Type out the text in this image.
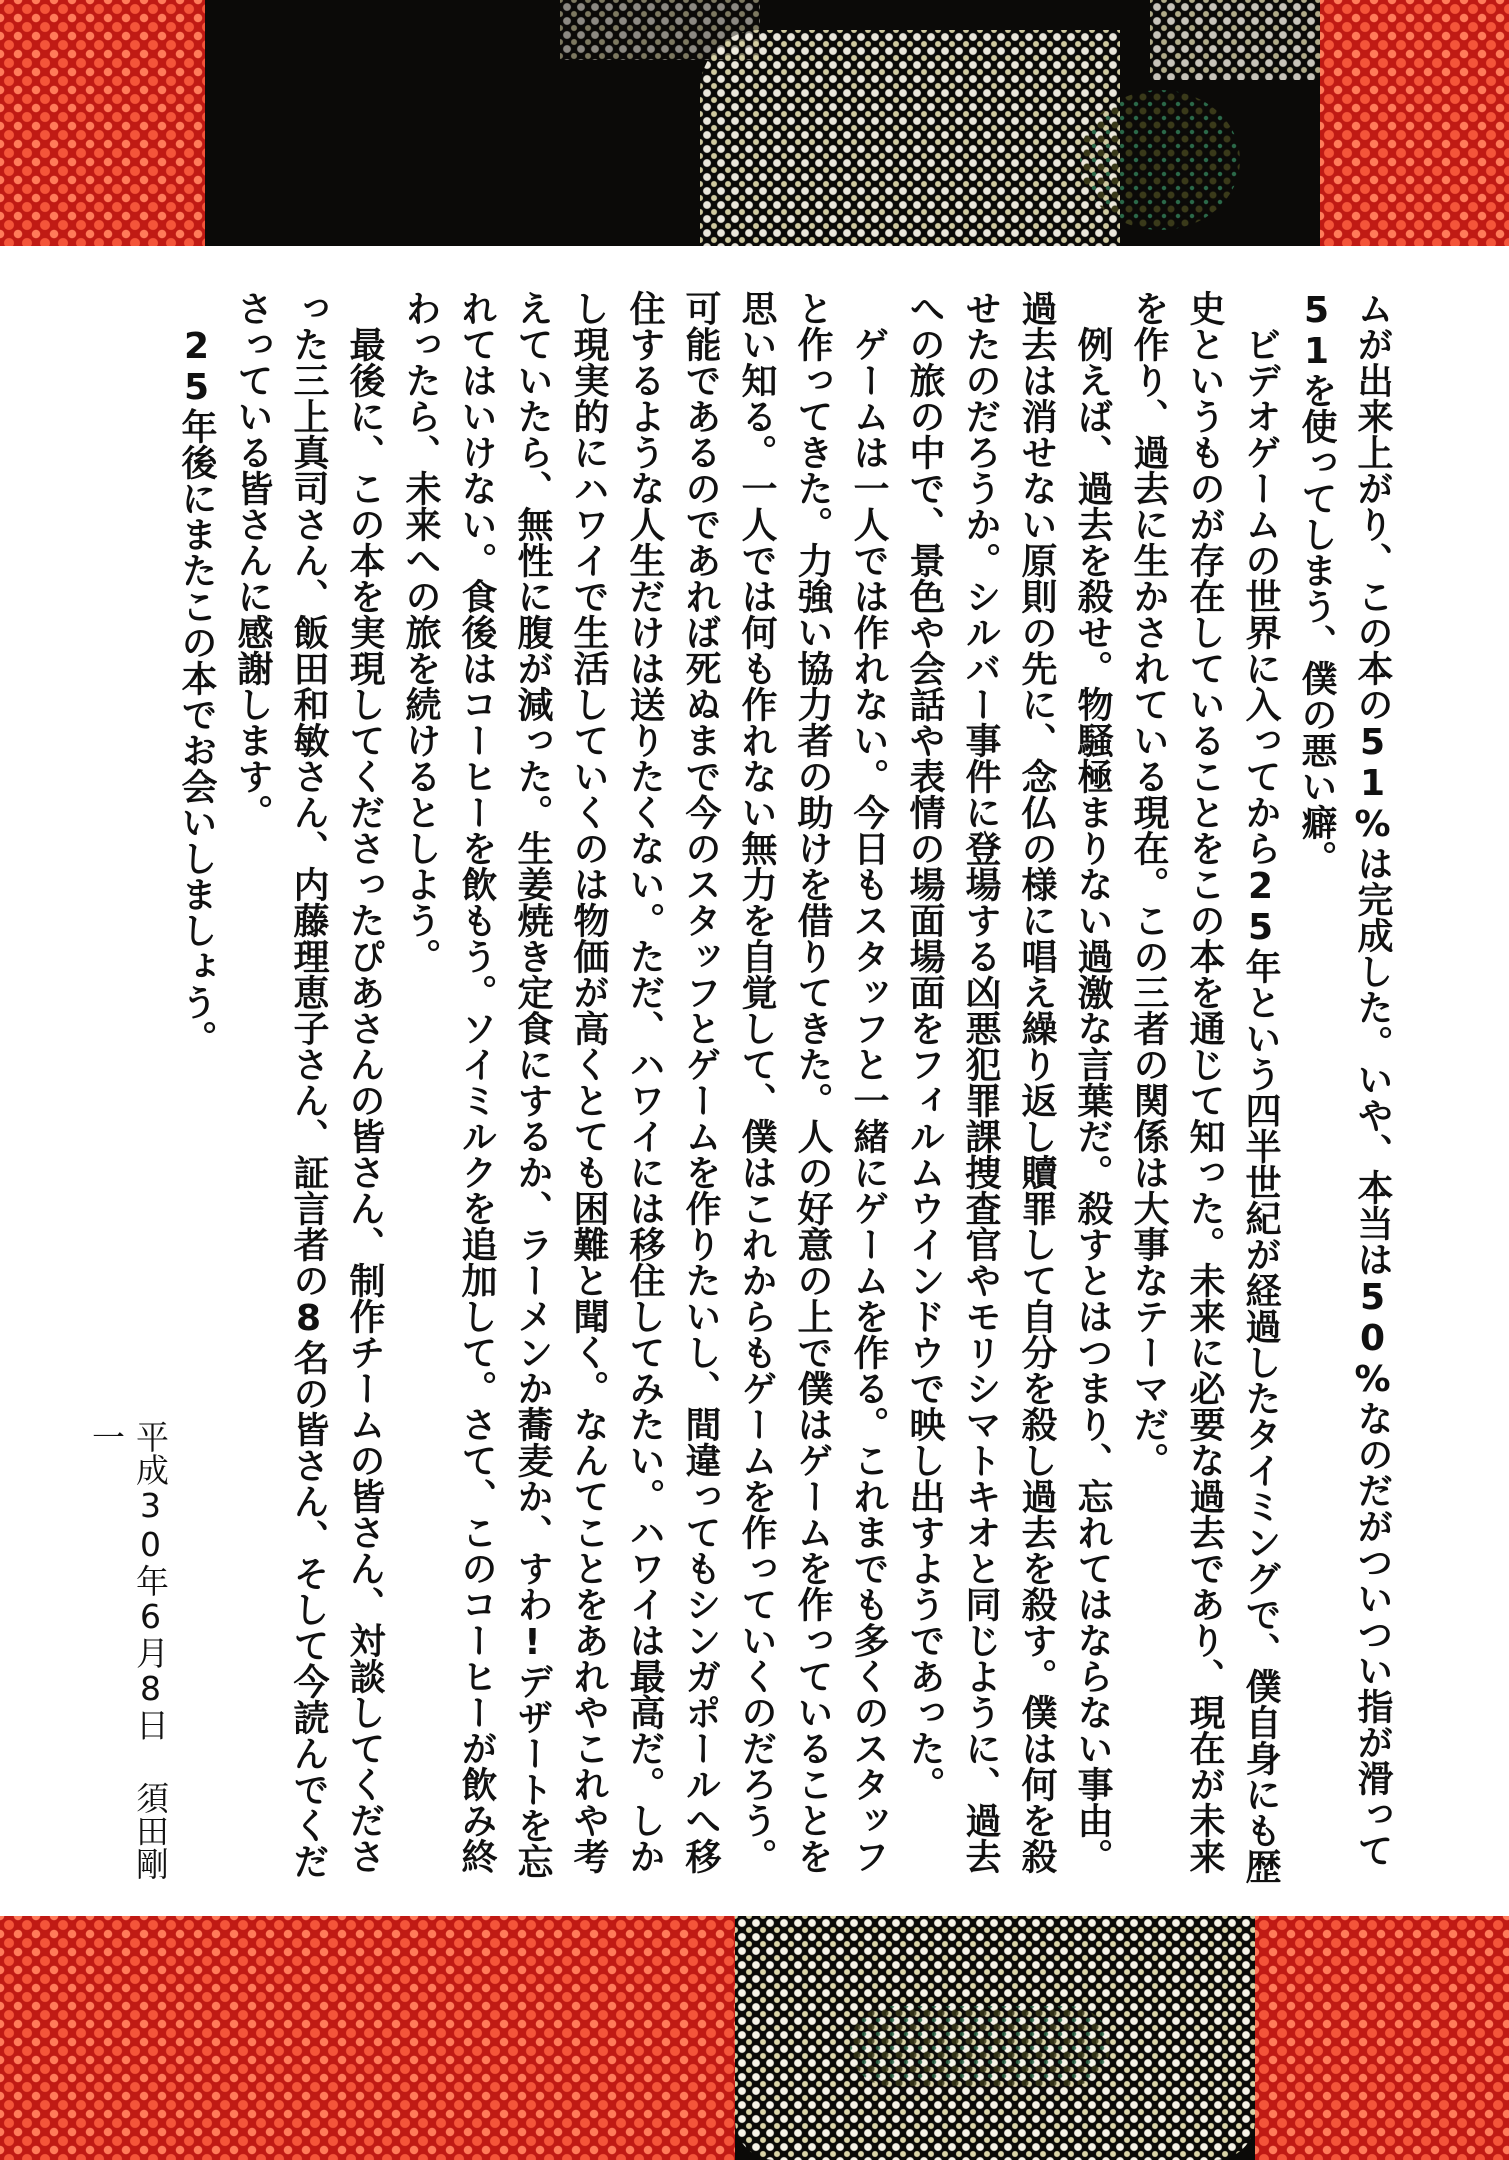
ムが出来上がり、この本の51%は完成した。いや、本当は50%なのだがついつい指が滑って51を使ってしまう、僕の悪い癖。
ビデオゲームの世界に入ってから25年という四半世紀が経過したタイミングで、僕自身にも歴史というものが存在していることをこの本を通じて知った。未来に必要な過去であり、現在が未来を作り、過去に生かされている現在。この三者の関係は大事なテーマだ。
例えば、過去を殺せ。物騒極まりない過激な言葉だ。殺すとはつまり、忘れてはならない事由。過去は消せない原則の先に、念仏の様に唱え繰り返し贖罪して自分を殺し過去を殺す。僕は何を殺せたのだろうか。シルバー事件に登場する凶悪犯罪課捜査官やモリシマトキオと同じように、過去への旅の中で、景色や会話や表情の場面場面をフィルムウインドウで映し出すようであった。
ゲームは一人では作れない。今日もスタッフと一緒にゲームを作る。これまでも多くのスタッフと作ってきた。力強い協力者の助けを借りてきた。人の好意の上で僕はゲームを作っていることを思い知る。一人では何も作れない無力を自覚して、僕はこれからもゲームを作っていくのだろう。可能であるのであれば死ぬまで今のスタッフとゲームを作りたいし、間違ってもシンガポールへ移住するような人生だけは送りたくない。ただ、ハワイには移住してみたい。ハワイは最高だ。しかし現実的にハワイで生活していくのは物価が高くとても困難と聞く。なんてことをあれやこれや考えていたら、無性に腹が減った。生姜焼き定食にするか、ラーメンか蕎麦か、すわ!デザートを忘れてはいけない。食後はコーヒーを飲もう。ソイミルクを追加して。さて、このコーヒーが飲み終わったら、未来への旅を続けるとしよう。
最後に、この本を実現してくださったぴあさんの皆さん、制作チームの皆さん、対談してくださった三上真司さん、飯田和敏さん、内藤理恵子さん、証言者の8名の皆さん、そして今読んでくださっている皆さんに感謝します。
25年後にまたこの本でお会いしましょう。
平成30年6月8日須田剛一
